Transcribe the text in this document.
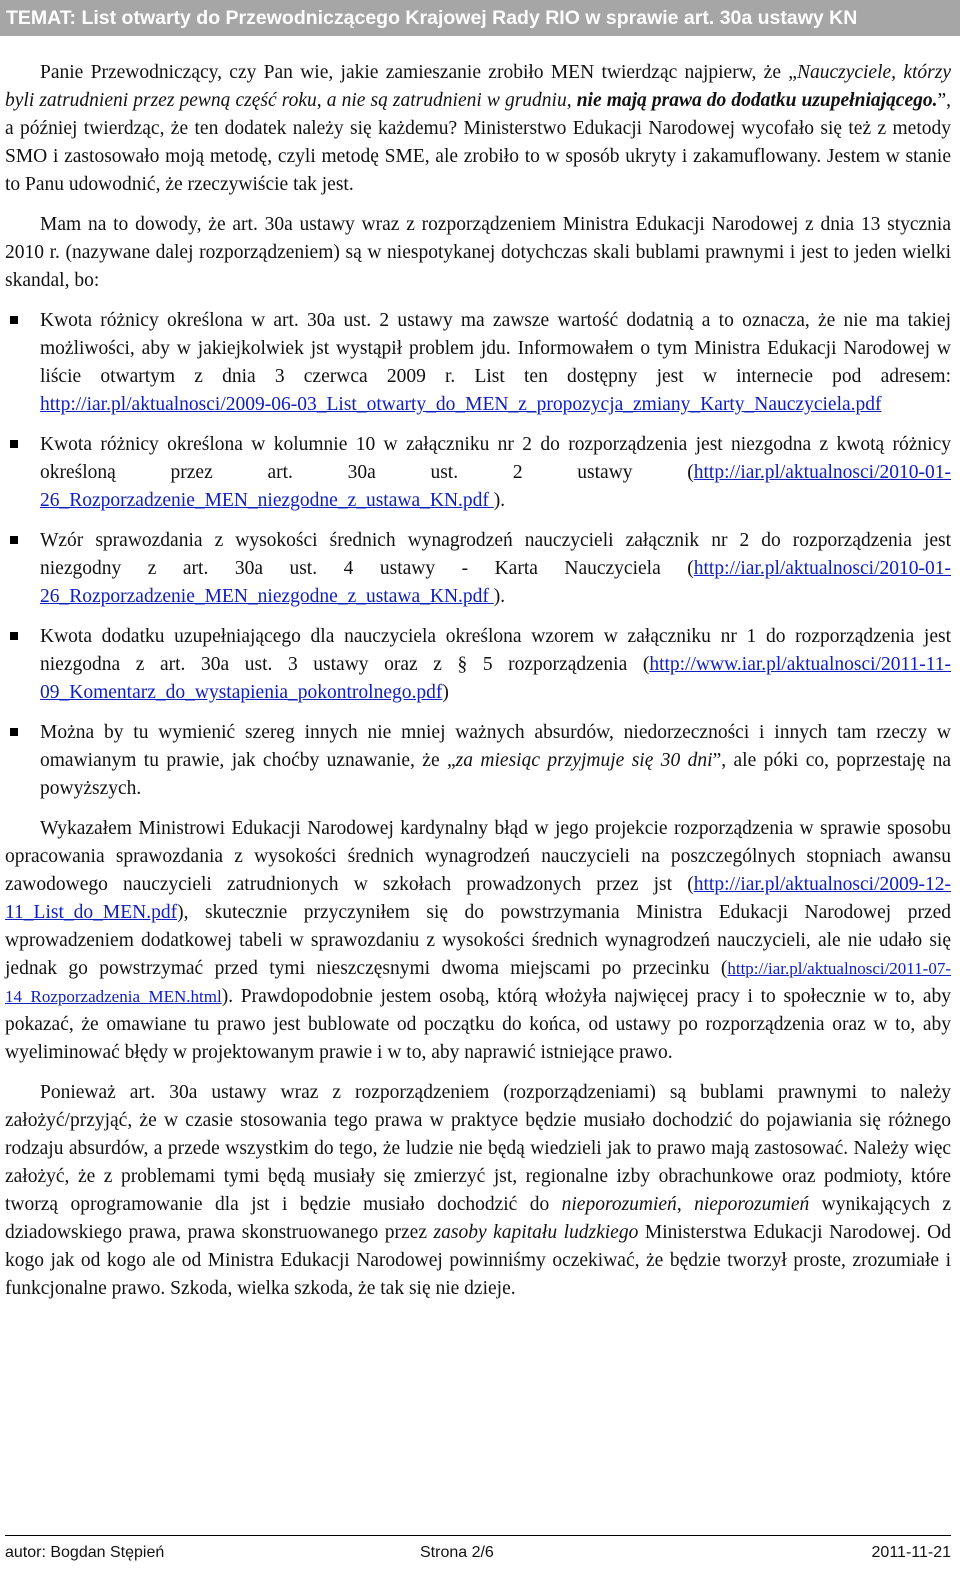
TEMAT: List otwarty do Przewodniczącego Krajowej Rady RIO w sprawie art. 30a ustawy KN

Panie Przewodniczący, czy Pan wie, jakie zamieszanie zrobiło MEN twierdząc najpierw, że „Nauczyciele, którzy byli zatrudnieni przez pewną część roku, a nie są zatrudnieni w grudniu, nie mają prawa do dodatku uzupełniającego.”, a później twierdząc, że ten dodatek należy się każdemu? Ministerstwo Edukacji Narodowej wycofało się też z metody SMO i zastosowało moją metodę, czyli metodę SME, ale zrobiło to w sposób ukryty i zakamuflowany. Jestem w stanie to Panu udowodnić, że rzeczywiście tak jest.

Mam na to dowody, że art. 30a ustawy wraz z rozporządzeniem Ministra Edukacji Narodowej z dnia 13 stycznia 2010 r. (nazywane dalej rozporządzeniem) są w niespotykanej dotychczas skali bublami prawnymi i jest to jeden wielki skandal, bo:

Kwota różnicy określona w art. 30a ust. 2 ustawy ma zawsze wartość dodatnią a to oznacza, że nie ma takiej możliwości, aby w jakiejkolwiek jst wystąpił problem jdu. Informowałem o tym Ministra Edukacji Narodowej w liście otwartym z dnia 3 czerwca 2009 r. List ten dostępny jest w internecie pod adresem: http://iar.pl/aktualnosci/2009-06-03_List_otwarty_do_MEN_z_propozycja_zmiany_Karty_Nauczyciela.pdf
Kwota różnicy określona w kolumnie 10 w załączniku nr 2 do rozporządzenia jest niezgodna z kwotą różnicy określoną przez art. 30a ust. 2 ustawy (http://iar.pl/aktualnosci/2010-01-26_Rozporzadzenie_MEN_niezgodne_z_ustawa_KN.pdf ).
Wzór sprawozdania z wysokości średnich wynagrodzeń nauczycieli załącznik nr 2 do rozporządzenia jest niezgodny z art. 30a ust. 4 ustawy - Karta Nauczyciela (http://iar.pl/aktualnosci/2010-01-26_Rozporzadzenie_MEN_niezgodne_z_ustawa_KN.pdf ).
Kwota dodatku uzupełniającego dla nauczyciela określona wzorem w załączniku nr 1 do rozporządzenia jest niezgodna z art. 30a ust. 3 ustawy oraz z § 5 rozporządzenia (http://www.iar.pl/aktualnosci/2011-11-09_Komentarz_do_wystapienia_pokontrolnego.pdf)
Można by tu wymienić szereg innych nie mniej ważnych absurdów, niedorzeczności i innych tam rzeczy w omawianym tu prawie, jak choćby uznawanie, że „za miesiąc przyjmuje się 30 dni”, ale póki co, poprzestaję na powyższych.

Wykazałem Ministrowi Edukacji Narodowej kardynalny błąd w jego projekcie rozporządzenia w sprawie sposobu opracowania sprawozdania z wysokości średnich wynagrodzeń nauczycieli na poszczególnych stopniach awansu zawodowego nauczycieli zatrudnionych w szkołach prowadzonych przez jst (http://iar.pl/aktualnosci/2009-12-11_List_do_MEN.pdf), skutecznie przyczyniłem się do powstrzymania Ministra Edukacji Narodowej przed wprowadzeniem dodatkowej tabeli w sprawozdaniu z wysokości średnich wynagrodzeń nauczycieli, ale nie udało się jednak go powstrzymać przed tymi nieszczęsnymi dwoma miejscami po przecinku (http://iar.pl/aktualnosci/2011-07-14_Rozporzadzenia_MEN.html). Prawdopodobnie jestem osobą, którą włożyła najwięcej pracy i to społecznie w to, aby pokazać, że omawiane tu prawo jest bublowate od początku do końca, od ustawy po rozporządzenia oraz w to, aby wyeliminować błędy w projektowanym prawie i w to, aby naprawić istniejące prawo.

Ponieważ art. 30a ustawy wraz z rozporządzeniem (rozporządzeniami) są bublami prawnymi to należy założyć/przyjąć, że w czasie stosowania tego prawa w praktyce będzie musiało dochodzić do pojawiania się różnego rodzaju absurdów, a przede wszystkim do tego, że ludzie nie będą wiedzieli jak to prawo mają zastosować. Należy więc założyć, że z problemami tymi będą musiały się zmierzyć jst, regionalne izby obrachunkowe oraz podmioty, które tworzą oprogramowanie dla jst i będzie musiało dochodzić do nieporozumień, nieporozumień wynikających z dziadowskiego prawa, prawa skonstruowanego przez zasoby kapitału ludzkiego Ministerstwa Edukacji Narodowej. Od kogo jak od kogo ale od Ministra Edukacji Narodowej powinniśmy oczekiwać, że będzie tworzył proste, zrozumiałe i funkcjonalne prawo. Szkoda, wielka szkoda, że tak się nie dzieje.

autor: Bogdan Stępień	Strona 2/6	2011-11-21
